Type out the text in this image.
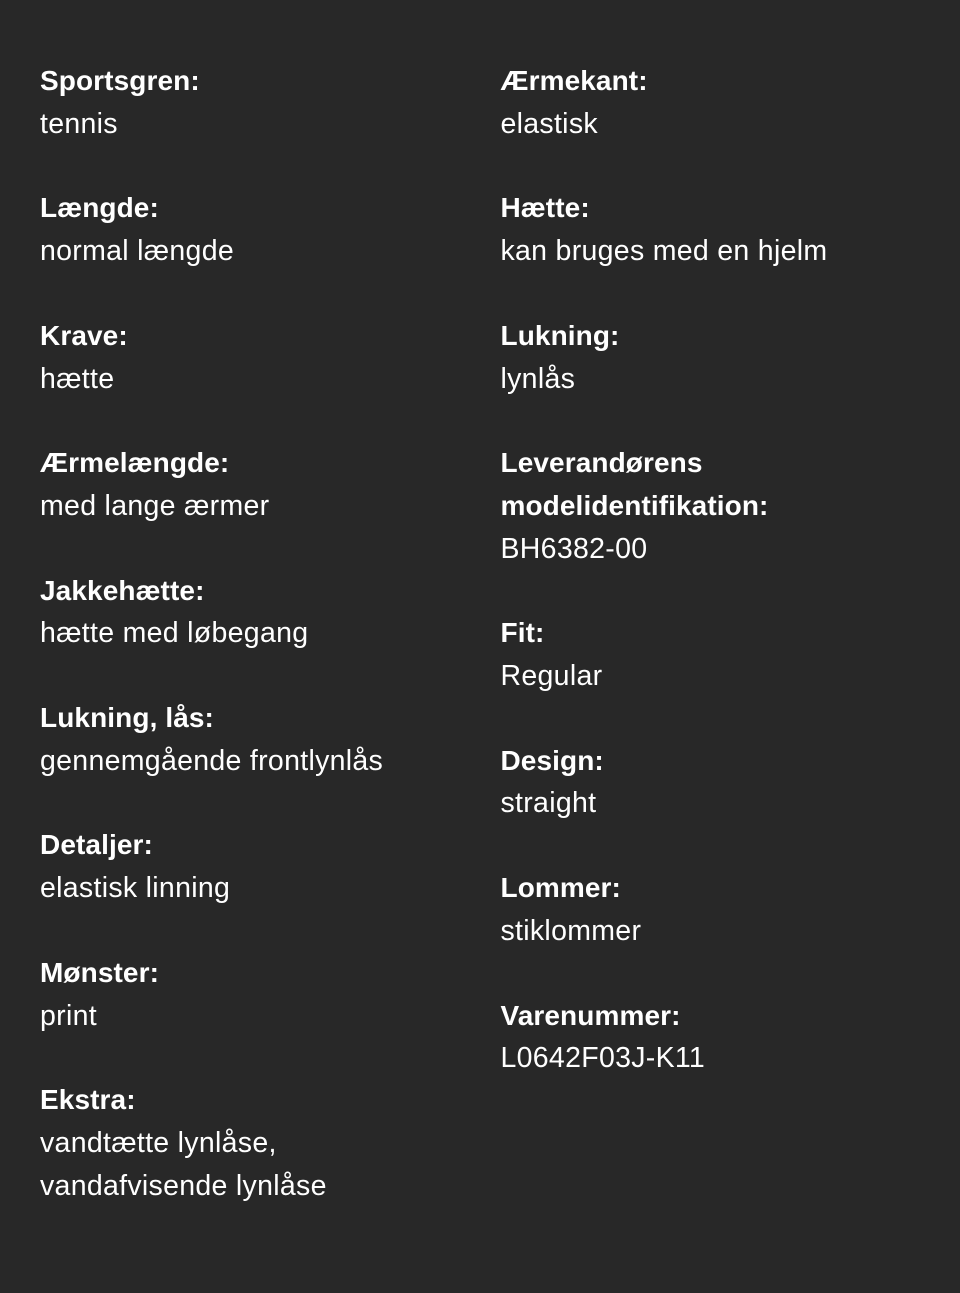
Sportsgren:
tennis
Længde:
normal længde
Krave:
hætte
Ærmelængde:
med lange ærmer
Jakkehætte:
hætte med løbegang
Lukning, lås:
gennemgående frontlynlås
Detaljer:
elastisk linning
Mønster:
print
Ekstra:
vandtætte lynlåse,
vandafvisende lynlåse
Ærmekant:
elastisk
Hætte:
kan bruges med en hjelm
Lukning:
lynlås
Leverandørens
modelidentifikation:
BH6382-00
Fit:
Regular
Design:
straight
Lommer:
stiklommer
Varenummer:
L0642F03J-K11
